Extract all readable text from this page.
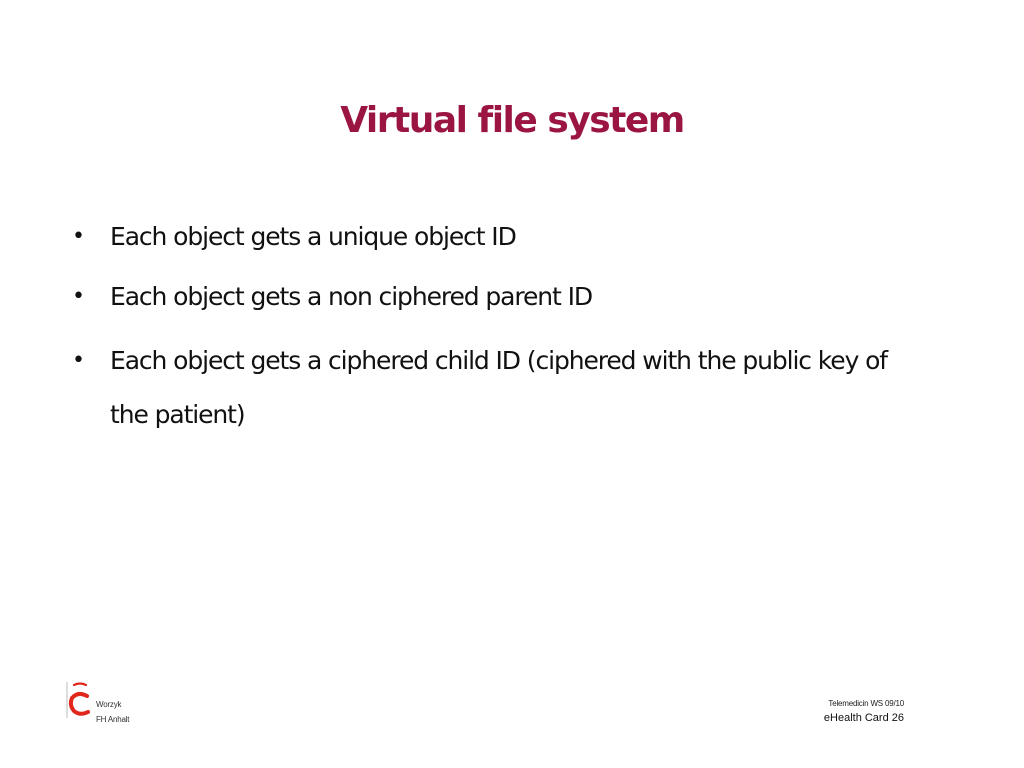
Virtual file system
•	Each object gets a unique object ID
•	Each object gets a non ciphered parent ID
•	Each object gets a ciphered child ID (ciphered with the public key of the patient)
Worzyk
FH Anhalt
Telemedicin WS 09/10
eHealth Card 26
